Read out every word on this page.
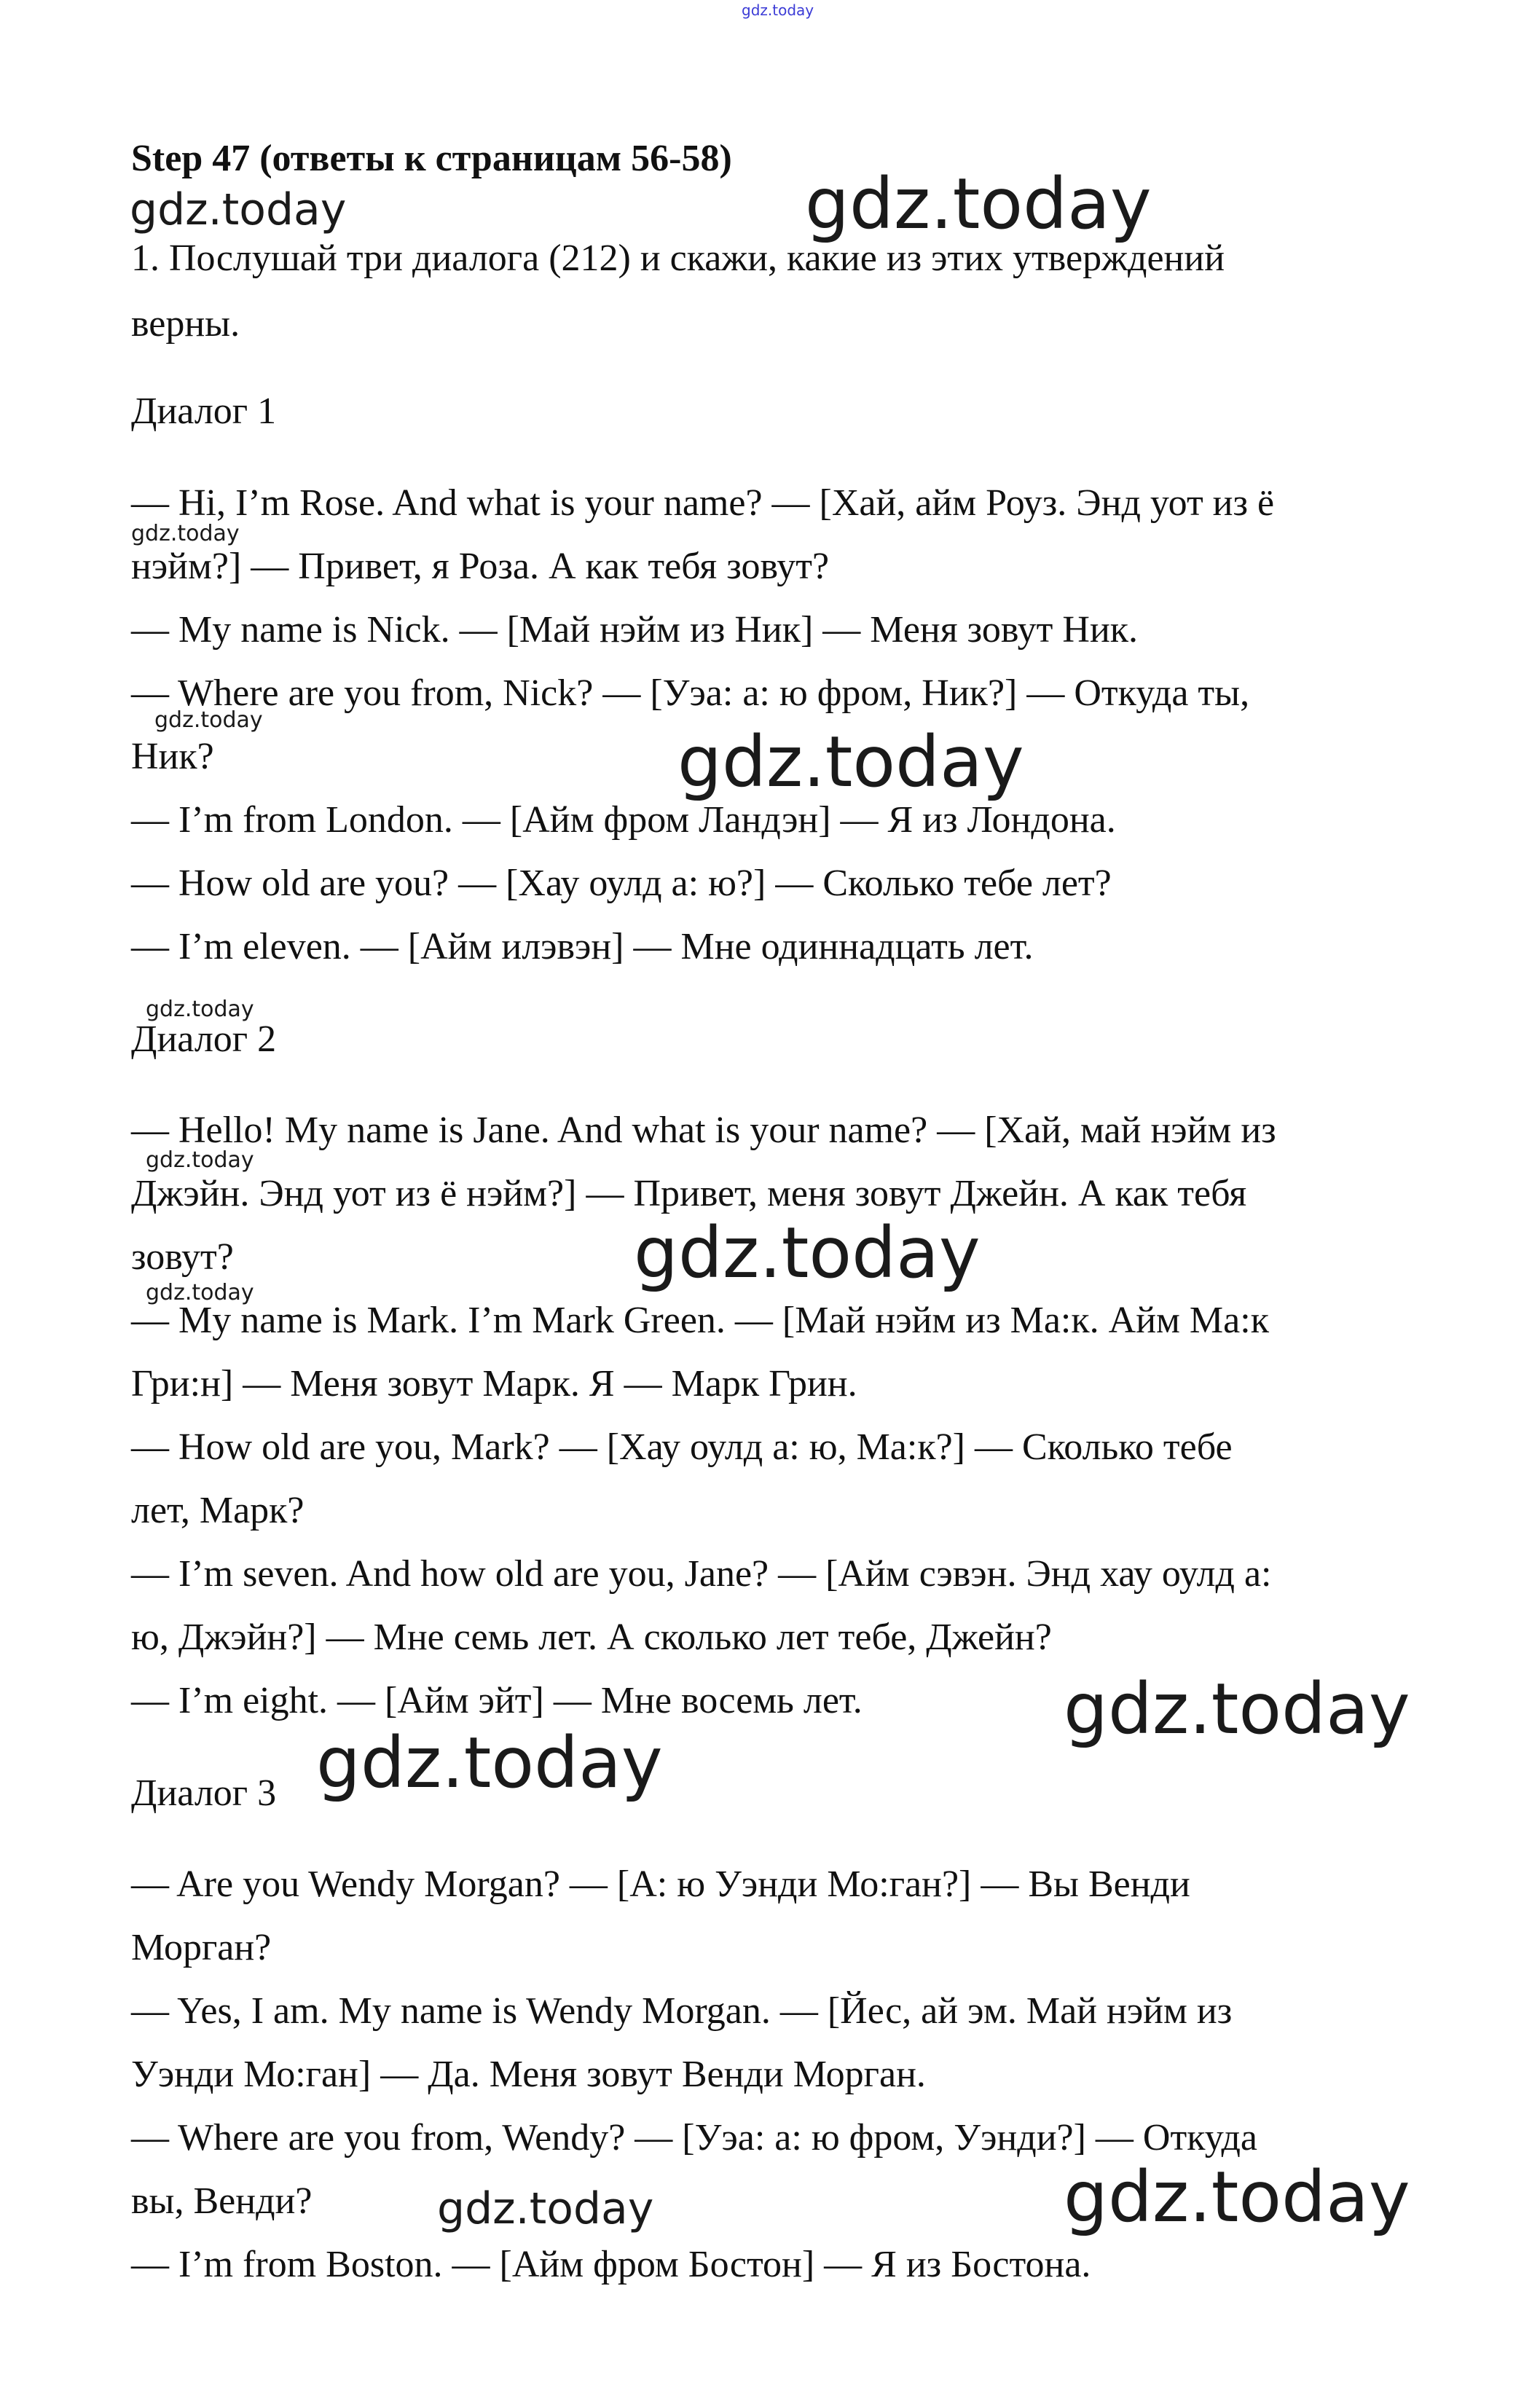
gdz.today
gdz.today	gdz.today
gdz.today
gdz.today
gdz.today
gdz.today
gdz.today
gdz.today
gdz.today
gdz.today
gdz.today
gdz.today	gdz.today
Step 47 (ответы к страницам 56-58)
1. Послушай три диалога (212) и скажи, какие из этих утверждений
верны.
Диалог 1
— Hi, I’m Rose. And what is your name? — [Хай, айм Роуз. Энд уот из ё
нэйм?] — Привет, я Роза. А как тебя зовут?
— My name is Nick. — [Май нэйм из Ник] — Меня зовут Ник.
— Where are you from, Nick? — [Уэа: а: ю фром, Ник?] — Откуда ты,
Ник?
— I’m from London. — [Айм фром Ландэн] — Я из Лондона.
— How old are you? — [Хау оулд а: ю?] — Сколько тебе лет?
— I’m eleven. — [Айм илэвэн] — Мне одиннадцать лет.
Диалог 2
— Hello! My name is Jane. And what is your name? — [Хай, май нэйм из
Джэйн. Энд уот из ё нэйм?] — Привет, меня зовут Джейн. А как тебя
зовут?
— My name is Mark. I’m Mark Green. — [Май нэйм из Ма:к. Айм Ма:к
Гри:н] — Меня зовут Марк. Я — Марк Грин.
— How old are you, Mark? — [Хау оулд а: ю, Ма:к?] — Сколько тебе
лет, Марк?
— I’m seven. And how old are you, Jane? — [Айм сэвэн. Энд хау оулд а:
ю, Джэйн?] — Мне семь лет. А сколько лет тебе, Джейн?
— I’m eight. — [Айм эйт] — Мне восемь лет.
Диалог 3
— Are you Wendy Morgan? — [А: ю Уэнди Мо:ган?] — Вы Венди
Морган?
— Yes, I am. My name is Wendy Morgan. — [Йес, ай эм. Май нэйм из
Уэнди Мо:ган] — Да. Меня зовут Венди Морган.
— Where are you from, Wendy? — [Уэа: а: ю фром, Уэнди?] — Откуда
вы, Венди?
— I’m from Boston. — [Айм фром Бостон] — Я из Бостона.
